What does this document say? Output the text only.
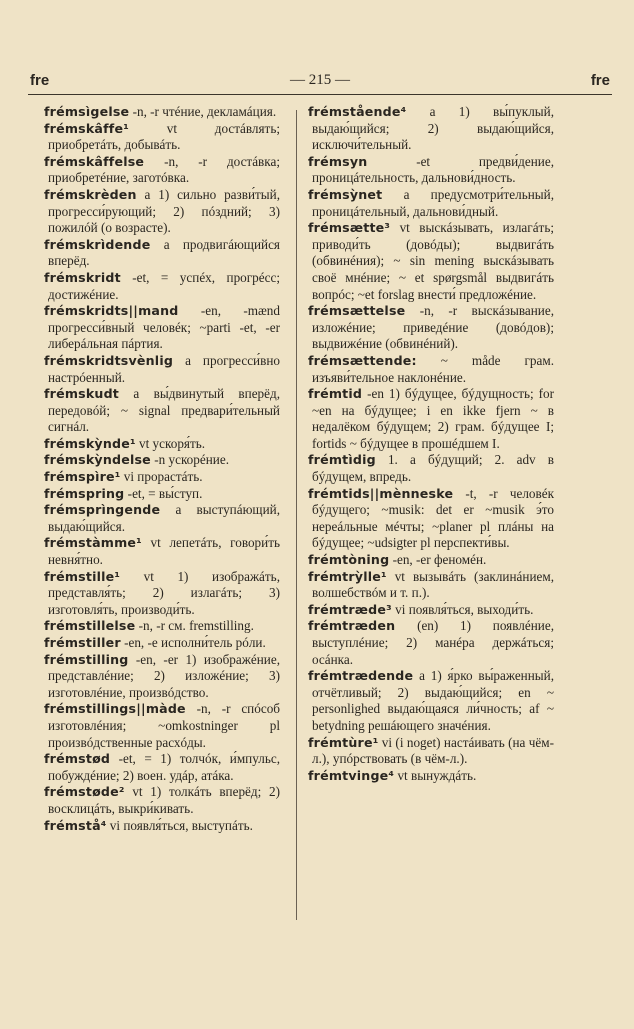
fre	— 215 —	fre

frémsìgelse -n, -r чтéние, декламáция.

frémskâffe¹ vt достáвлять; приобретáть, добывáть.

frémskâffelse -n, -r достáвка; приобретéние, заготóвка.

frémskrèden a 1) сильно разви́тый, прогресси́рующий; 2) пóздний; 3) пожилóй (о возрасте).

frémskrìdende a продвигáющийся вперёд.

frémskridt -et, = успéх, прогрéсс; достижéние.

frémskridts||mand -en, -mænd прогресси́вный человéк; ~parti -et, -er либерáльная пáртия.

frémskridtsvènlig a прогресси́вно настрóенный.

frémskudt a вы́двинутый вперёд, передовóй; ~ signal предвари́тельный сигнáл.

frémskỳnde¹ vt ускоря́ть.

frémskỳndelse -n ускорéние.

frémspìre¹ vi прорастáть.

frémspring -et, = вы́ступ.

frémsprìngende a выступáющий, выдаю́щийся.

frémstàmme¹ vt лепетáть, говори́ть невня́тно.

frémstille¹ vt 1) изображáть, представля́ть; 2) излагáть; 3) изготовля́ть, производи́ть.

frémstillelse -n, -r см. fremstilling.

frémstiller -en, -e исполни́тель рóли.

frémstilling -en, -er 1) изображéние, представлéние; 2) изложéние; 3) изготовлéние, произвóдство.

frémstillings||màde -n, -r спóсоб изготовлéния; ~omkostninger pl произвóдственные расхóды.

frémstød -et, = 1) толчóк, и́мпульс, побуждéние; 2) воен. удáр, атáка.

frémstøde² vt 1) толкáть вперёд; 2) восклицáть, выкри́кивать.

frémstå⁴ vi появля́ться, выступáть.

frémstående⁴ a 1) вы́пуклый, выдаю́щийся; 2) выдаю́щийся, исключи́тельный.

frémsyn -et предви́дение, проницáтельность, дальнови́дность.

frémsỳnet a предусмотри́тельный, проницáтельный, дальнови́дный.

frémsætte³ vt выскáзывать, излагáть; приводи́ть (довóды); выдвигáть (обвинéния); ~ sin mening выскáзывать своё мнéние; ~ et spørgsmål выдвигáть вопрóс; ~et forslag внести́ предложéние.

frémsættelse -n, -r выскáзывание, изложéние; приведéние (довóдов); выдвижéние (обвинéний).

frémsættende: ~ måde грам. изъяви́тельное наклонéние.

frémtid -en 1) бýдущее, бýдущность; for ~en на бýдущее; i en ikke fjern ~ в недалёком бýдущем; 2) грам. бýдущее I; fortids ~ бýдущее в прошéдшем I.

frémtìdig 1. a бýдущий; 2. adv в бýдущем, впредь.

frémtids||mènneske -t, -r человéк бýдущего; ~musik: det er ~musik э́то нереáльные мéчты; ~planer pl плáны на бýдущее; ~udsigter pl перспекти́вы.

frémtòning -en, -er феномéн.

frémtrỳlle¹ vt вызывáть (заклинáнием, волшебствóм и т. п.).

frémtræde³ vi появля́ться, выходи́ть.

frémtræden (en) 1) появлéние, выступлéние; 2) манéра держáться; осáнка.

frémtrædende a 1) я́рко вы́раженный, отчётливый; 2) выдаю́щийся; en ~ personlighed выдаю́щаяся ли́чность; af ~ betydning решáющего значéния.

frémtùre¹ vi (i noget) настáивать (на чём-л.), упóрствовать (в чём-л.).

frémtvinge⁴ vt вынуждáть.
